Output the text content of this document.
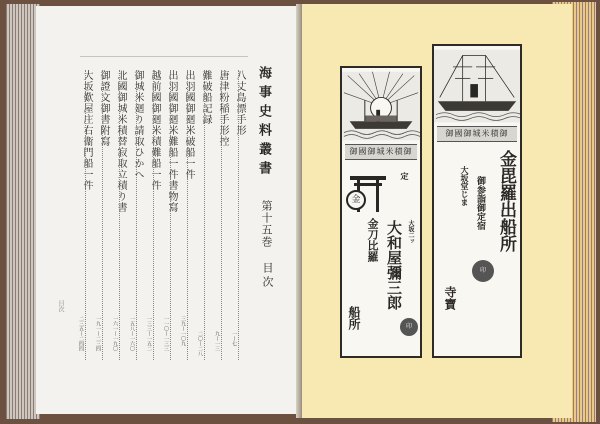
海事史料叢書
第十五巻
目次
八丈島漂手形
一—七
唐津粉稲手形控
九—一三
難破船記録
二〇—二八
出羽國御廻米破船一件
三九—一〇九
出羽國御廻米難船一件書物寫
一一〇—一三三
越前國御廻米積難船一件
一三三—一五二
御城米廻り請取ひかへ
一五八—一六〇
北國御城米積替寂取立積り書
一六一—一九〇
御證文御書附寫
一九一—二三四
大坂歎屋庄右衞門船一件
二三五—二四四
目次
御國御城米積御
金
定
大坂二ッ
大和屋彌三郎
金刀比羅
船所	印
御國御城米積御
金毘羅出船所
御参詣御定宿
大坂堂じま
寺寶
印
